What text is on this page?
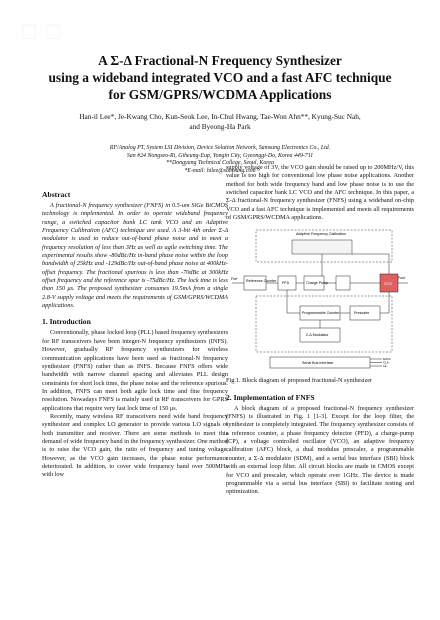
A Σ-Δ Fractional-N Frequency Synthesizer
using a wideband integrated VCO and a fast AFC technique
for GSM/GPRS/WCDMA Applications
Han-il Lee*, Je-Kwang Cho, Kun-Seok Lee, In-Chul Hwang, Tae-Won Ahn**, Kyung-Suc Nah,
and Byeong-Ha Park
RF/Analog PT, System LSI Division, Device Solution Network, Samsung Electronics Co., Ltd.
San #24 Nongseo-Ri, Giheung-Eup, Yongin City, Gyeonggi-Do, Korea 449-711
**Dongyang Technical College, Seoul, Korea
*E-mail: hilee@samsung.com
Abstract

A fractional-N frequency synthesizer (FNFS) in 0.5-um SiGe BiCMOS technology is implemented. In order to operate wideband frequency range, a switched capacitor bank LC tank VCO and an Adaptive Frequency Calibration (AFC) technique are used. A 3-bit 4th order Σ-Δ modulator is used to reduce out-of-band phase noise and to meet a frequency resolution of less than 3Hz as well as agile switching time. The experimental results show -80dBc/Hz in-band phase noise within the loop bandwidth of 25kHz and -129dBc/Hz out-of-band phase noise at 400kHz-offset frequency. The fractional spurious is less than -70dBc at 300kHz offset frequency and the reference spur is -75dBc/Hz. The lock time is less than 150 μs. The proposed synthesizer consumes 19.5mA from a single 2.8-V supply voltage and meets the requirements of GSM/GPRS/WCDMA applications.

1. Introduction

Conventionally, phase locked loop (PLL) based frequency synthesizers for RF transceivers have been integer-N frequency synthesizers (INFS). However, gradually RF frequency synthesizers for wireless communication applications have been used as fractional-N frequency synthesizer (FNFS) rather than as INFS. Because FNFS offers wide bandwidth with narrow channel spacing and alleviates PLL design constraints for short lock time, the phase noise and the reference spurious. In addition, FNFS can meet both agile lock time and fine frequency resolution. Nowadays FNFS is mainly used in RF transceivers for GPRS applications that require very fast lock time of 150 μs.

Recently, many wireless RF transceivers need wide band frequency synthesizer and complex LO generator to provide various LO signals of both transmitter and receiver. There are some methods to meet this demand of wide frequency band in the frequency synthesizer. One method is to raise the VCO gain, the ratio of frequency and tuning voltage. However, as the VCO gain increases, the phase noise performance deteriorated. In addition, to cover wide frequency band over 500MHz with low

supply voltage of 3V, the VCO gain should be raised up to 200MHz/V, this value is too high for conventional low phase noise applications. Another method for both wide frequency band and low phase noise is to use the switched capacitor bank LC VCO and the AFC technique. In this paper, a Σ-Δ fractional-N frequency synthesizer (FNFS) using a wideband on-chip VCO and a fast AFC technique is implemented and meets all requirements of GSM/GPRS/WCDMA applications.

Adaptive Frequency Calibration
Fref Reference Counter PFD	Charge Pump	VCO
Fout
Prescaler
Programmable Counter
Σ-Δ Modulator
Serial Bus Interface
DATA
CLK
LE

Fig.1. Block diagram of proposed fractional-N synthesizer

2. Implementation of FNFS

A block diagram of a proposed fractional-N frequency synthesizer (FNFS) is illustrated in Fig. 1 [1-3]. Except for the loop filter, the synthesizer is completely integrated. The frequency synthesizer consists of a reference counter, a phase frequency detector (PFD), a charge-pump (CP), a voltage controlled oscillator (VCO), an adaptive frequency calibration (AFC) block, a dual modulus prescaler, a programmable counter, a Σ-Δ modulator (SDM), and a serial bus interface (SBI) block with an external loop filter. All circuit blocks are made in CMOS except for VCO and prescaler, which operate over 1GHz. The device is made programmable via a serial bus interface (SBI) to facilitate testing and optimization.
